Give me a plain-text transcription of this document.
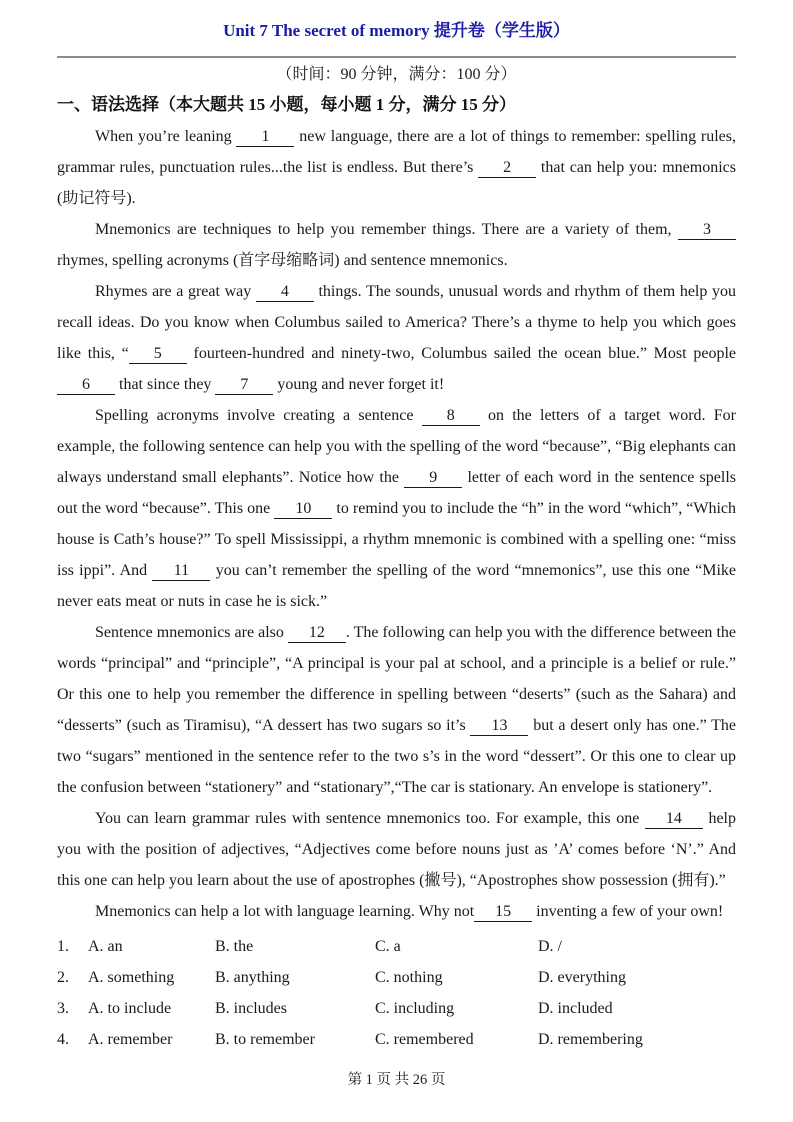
Unit 7 The secret of memory 提升卷（学生版）
（时间：90 分钟，满分：100 分）
一、语法选择（本大题共 15 小题，每小题 1 分，满分 15 分）

When you’re leaning 1 new language, there are a lot of things to remember: spelling rules, grammar rules, punctuation rules...the list is endless. But there’s 2 that can help you: mnemonics (助记符号).

Mnemonics are techniques to help you remember things. There are a variety of them, 3 rhymes, spelling acronyms (首字母缩略词) and sentence mnemonics.

Rhymes are a great way 4 things. The sounds, unusual words and rhythm of them help you recall ideas. Do you know when Columbus sailed to America? There’s a thyme to help you which goes like this, “ 5 fourteen-hundred and ninety-two, Columbus sailed the ocean blue.” Most people 6 that since they 7 young and never forget it!

Spelling acronyms involve creating a sentence 8 on the letters of a target word. For example, the following sentence can help you with the spelling of the word “because”, “Big elephants can always understand small elephants”. Notice how the 9 letter of each word in the sentence spells out the word “because”. This one 10 to remind you to include the “h” in the word “which”, “Which house is Cath’s house?” To spell Mississippi, a rhythm mnemonic is combined with a spelling one: “miss iss ippi”. And 11 you can’t remember the spelling of the word “mnemonics”, use this one “Mike never eats meat or nuts in case he is sick.”

Sentence mnemonics are also 12 . The following can help you with the difference between the words “principal” and “principle”, “A principal is your pal at school, and a principle is a belief or rule.” Or this one to help you remember the difference in spelling between “deserts” (such as the Sahara) and “desserts” (such as Tiramisu), “A dessert has two sugars so it’s 13 but a desert only has one.” The two “sugars” mentioned in the sentence refer to the two s’s in the word “dessert”. Or this one to clear up the confusion between “stationery” and “stationary”,“The car is stationary. An envelope is stationery”.

You can learn grammar rules with sentence mnemonics too. For example, this one 14 help you with the position of adjectives, “Adjectives come before nouns just as ’A’ comes before ‘N’.” And this one can help you learn about the use of apostrophes (撇号), “Apostrophes show possession (拥有).”

Mnemonics can help a lot with language learning. Why not 15 inventing a few of your own!

1.	A. an	B. the	C. a	D. /
2.	A. something	B. anything	C. nothing	D. everything
3.	A. to include	B. includes	C. including	D. included
4.	A. remember	B. to remember	C. remembered	D. remembering
第 1 页 共 26 页
